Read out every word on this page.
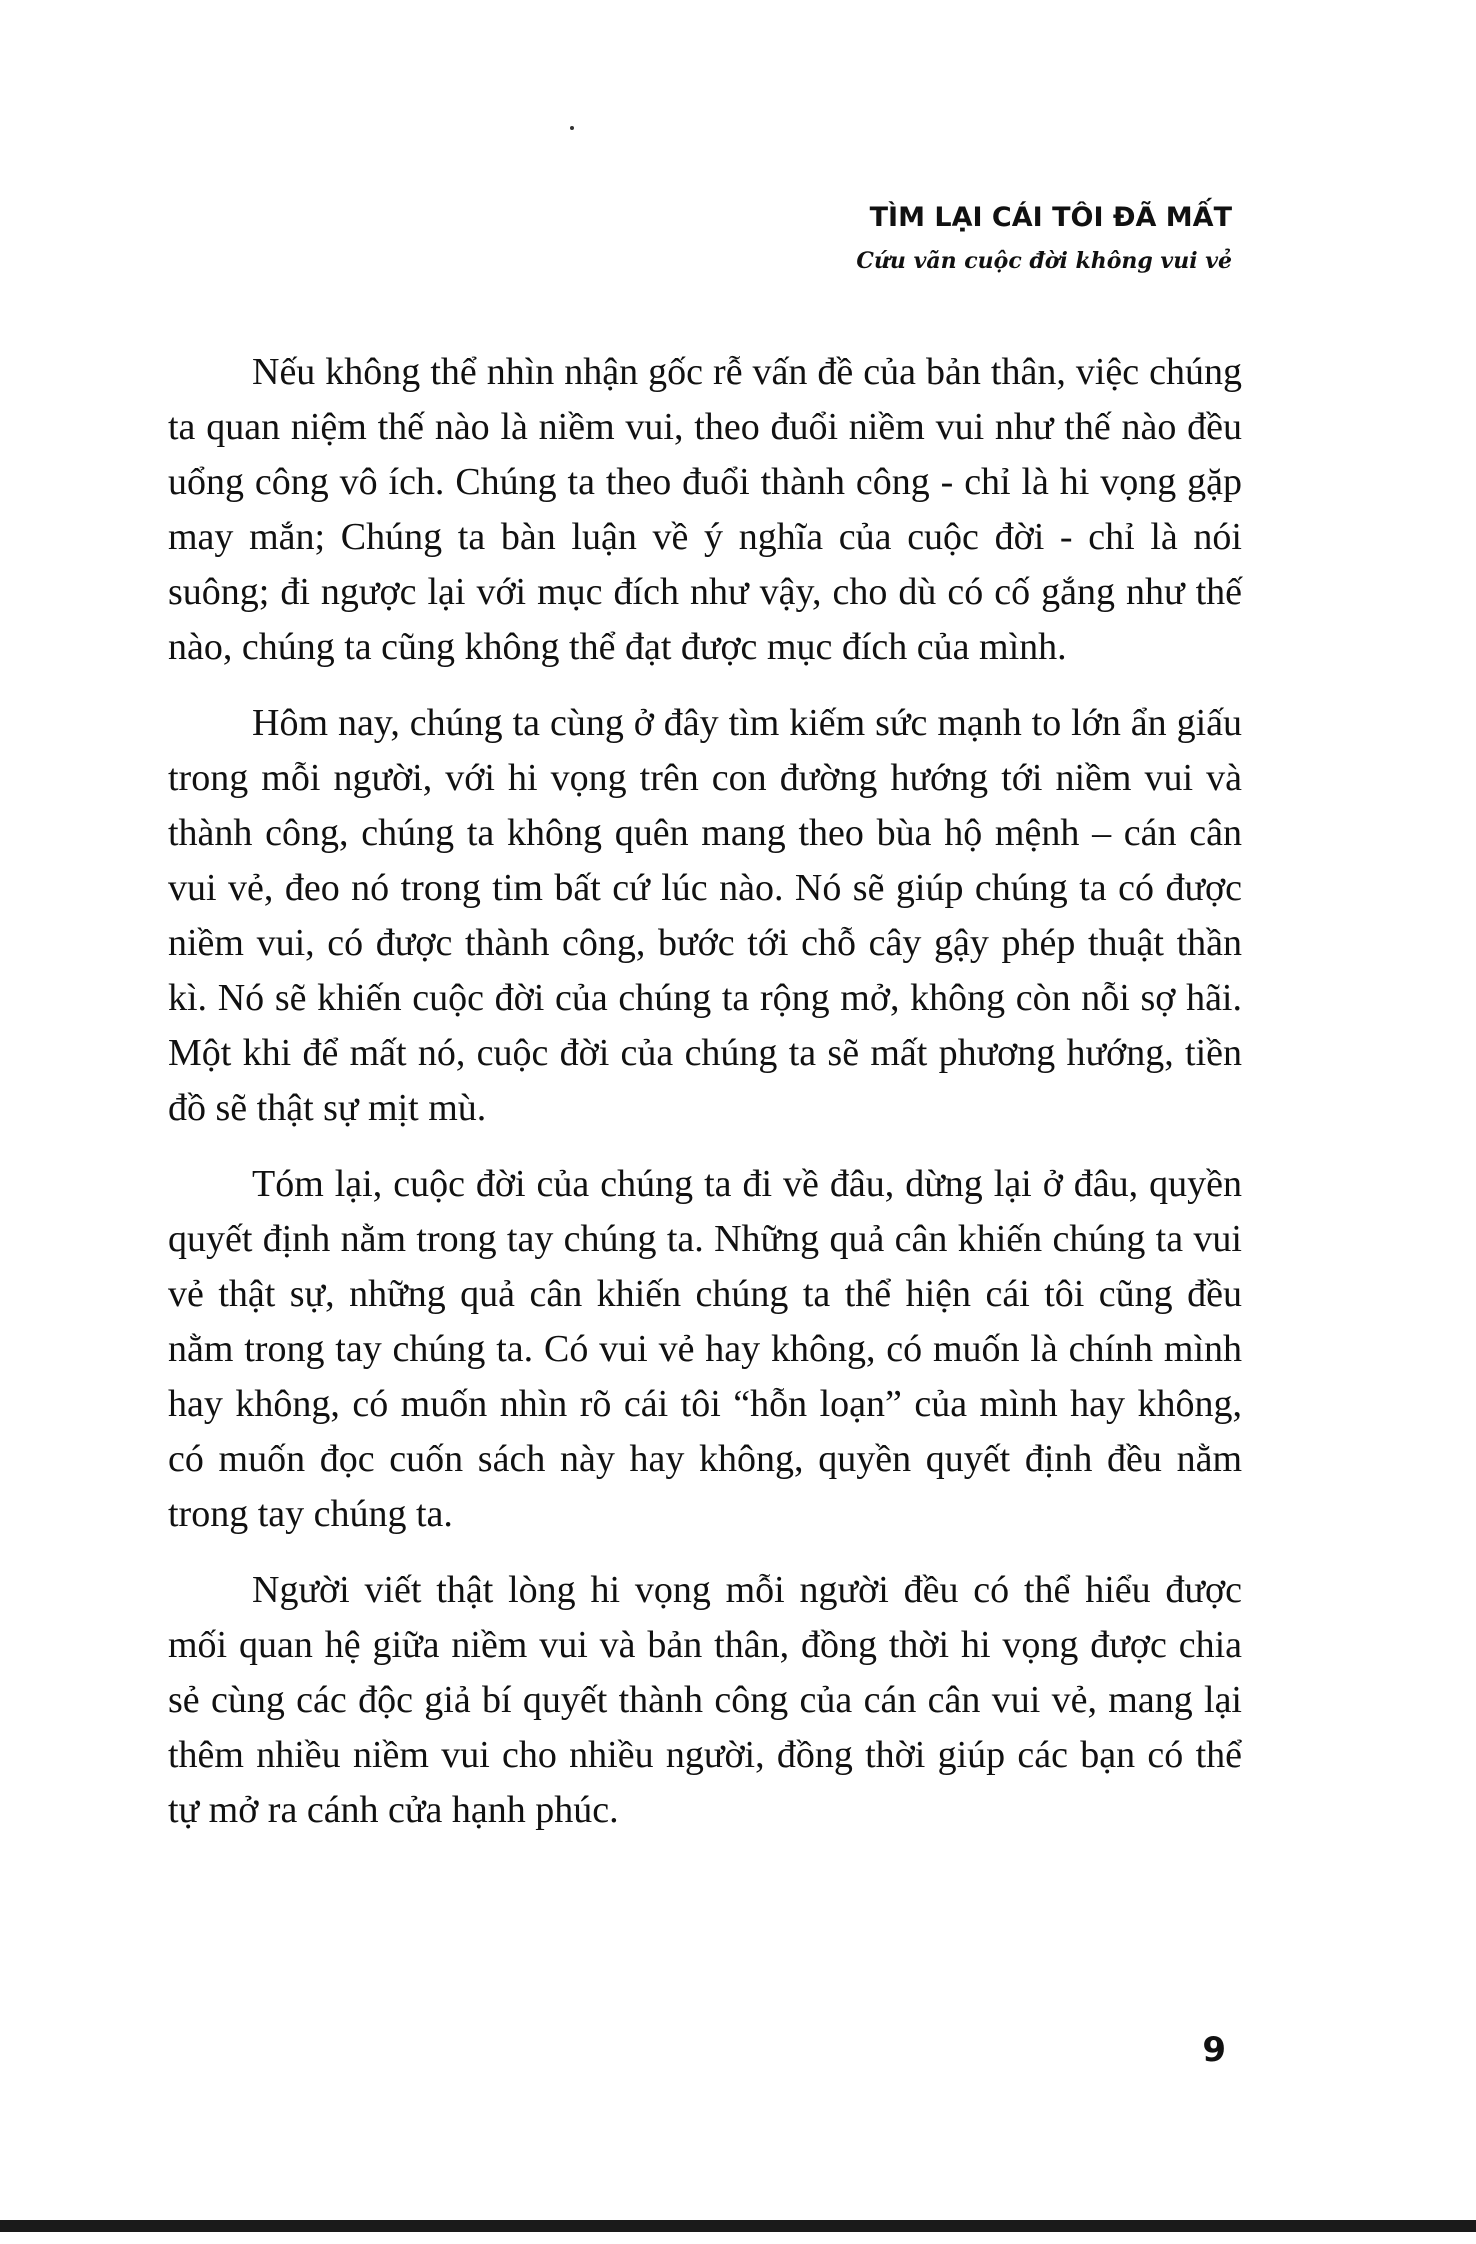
TÌM LẠI CÁI TÔI ĐÃ MẤT
Cứu vãn cuộc đời không vui vẻ

Nếu không thể nhìn nhận gốc rễ vấn đề của bản thân, việc chúng ta quan niệm thế nào là niềm vui, theo đuổi niềm vui như thế nào đều uổng công vô ích. Chúng ta theo đuổi thành công - chỉ là hi vọng gặp may mắn; Chúng ta bàn luận về ý nghĩa của cuộc đời - chỉ là nói suông; đi ngược lại với mục đích như vậy, cho dù có cố gắng như thế nào, chúng ta cũng không thể đạt được mục đích của mình.

Hôm nay, chúng ta cùng ở đây tìm kiếm sức mạnh to lớn ẩn giấu trong mỗi người, với hi vọng trên con đường hướng tới niềm vui và thành công, chúng ta không quên mang theo bùa hộ mệnh – cán cân vui vẻ, đeo nó trong tim bất cứ lúc nào. Nó sẽ giúp chúng ta có được niềm vui, có được thành công, bước tới chỗ cây gậy phép thuật thần kì. Nó sẽ khiến cuộc đời của chúng ta rộng mở, không còn nỗi sợ hãi. Một khi để mất nó, cuộc đời của chúng ta sẽ mất phương hướng, tiền đồ sẽ thật sự mịt mù.

Tóm lại, cuộc đời của chúng ta đi về đâu, dừng lại ở đâu, quyền quyết định nằm trong tay chúng ta. Những quả cân khiến chúng ta vui vẻ thật sự, những quả cân khiến chúng ta thể hiện cái tôi cũng đều nằm trong tay chúng ta. Có vui vẻ hay không, có muốn là chính mình hay không, có muốn nhìn rõ cái tôi “hỗn loạn” của mình hay không, có muốn đọc cuốn sách này hay không, quyền quyết định đều nằm trong tay chúng ta.

Người viết thật lòng hi vọng mỗi người đều có thể hiểu được mối quan hệ giữa niềm vui và bản thân, đồng thời hi vọng được chia sẻ cùng các độc giả bí quyết thành công của cán cân vui vẻ, mang lại thêm nhiều niềm vui cho nhiều người, đồng thời giúp các bạn có thể tự mở ra cánh cửa hạnh phúc.

9
